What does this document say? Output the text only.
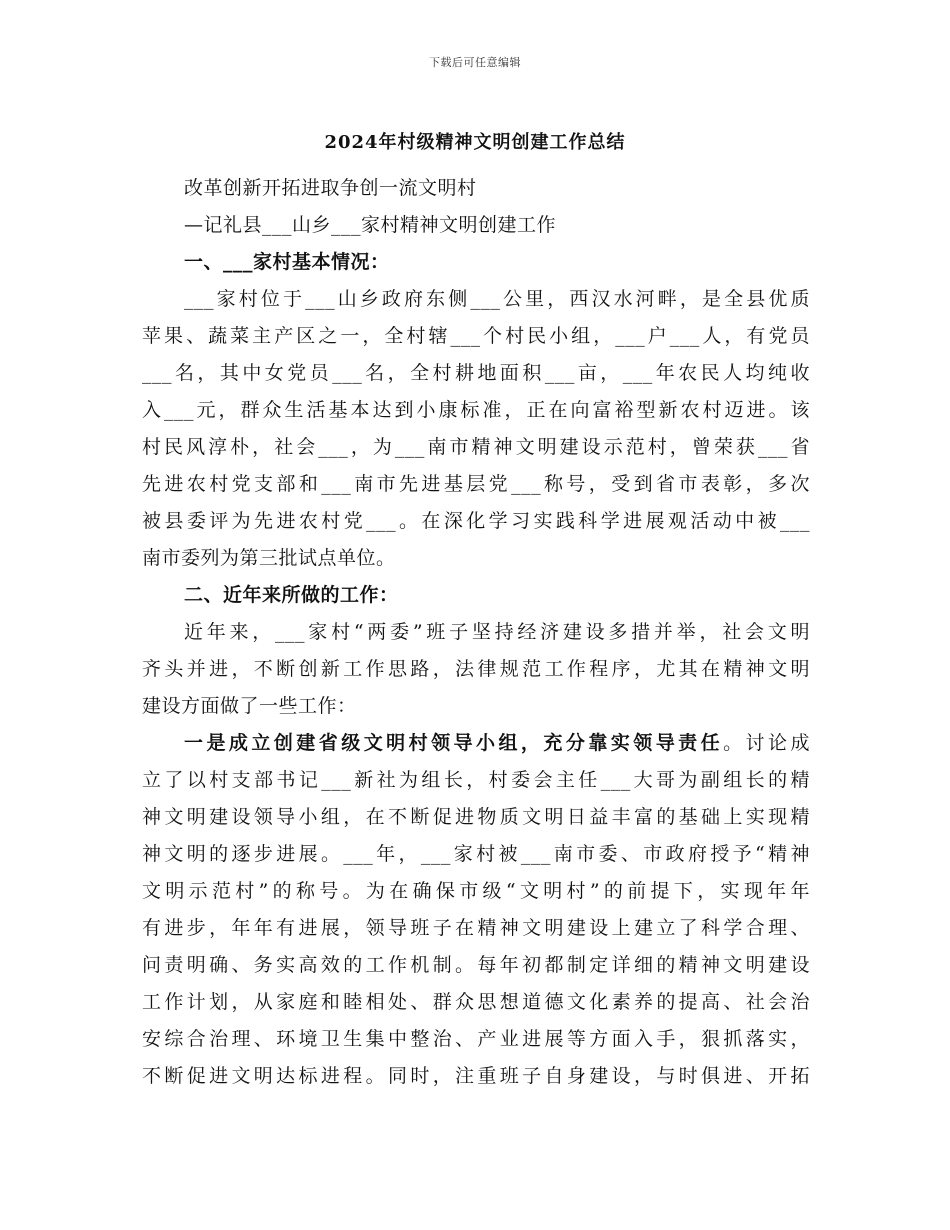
下载后可任意编辑
2024年村级精神文明创建工作总结
改革创新开拓进取争创一流文明村
—记礼县___山乡___家村精神文明创建工作
一、___家村基本情况：
___家村位于___山乡政府东侧___公里，西汉水河畔，是全县优质
苹果、蔬菜主产区之一，全村辖___个村民小组，___户___人，有党员
___名，其中女党员___名，全村耕地面积___亩，___年农民人均纯收
入___元，群众生活基本达到小康标准，正在向富裕型新农村迈进。该
村民风淳朴，社会___，为___南市精神文明建设示范村，曾荣获___省
先进农村党支部和___南市先进基层党___称号，受到省市表彰，多次
被县委评为先进农村党___。在深化学习实践科学进展观活动中被___
南市委列为第三批试点单位。
二、近年来所做的工作：
近年来，___家村“两委”班子坚持经济建设多措并举，社会文明
齐头并进，不断创新工作思路，法律规范工作程序，尤其在精神文明
建设方面做了一些工作：
一是成立创建省级文明村领导小组，充分靠实领导责任。讨论成
立了以村支部书记___新社为组长，村委会主任___大哥为副组长的精
神文明建设领导小组，在不断促进物质文明日益丰富的基础上实现精
神文明的逐步进展。___年，___家村被___南市委、市政府授予“精神
文明示范村”的称号。为在确保市级“文明村”的前提下，实现年年
有进步，年年有进展，领导班子在精神文明建设上建立了科学合理、
问责明确、务实高效的工作机制。每年初都制定详细的精神文明建设
工作计划，从家庭和睦相处、群众思想道德文化素养的提高、社会治
安综合治理、环境卫生集中整治、产业进展等方面入手，狠抓落实，
不断促进文明达标进程。同时，注重班子自身建设，与时俱进、开拓
